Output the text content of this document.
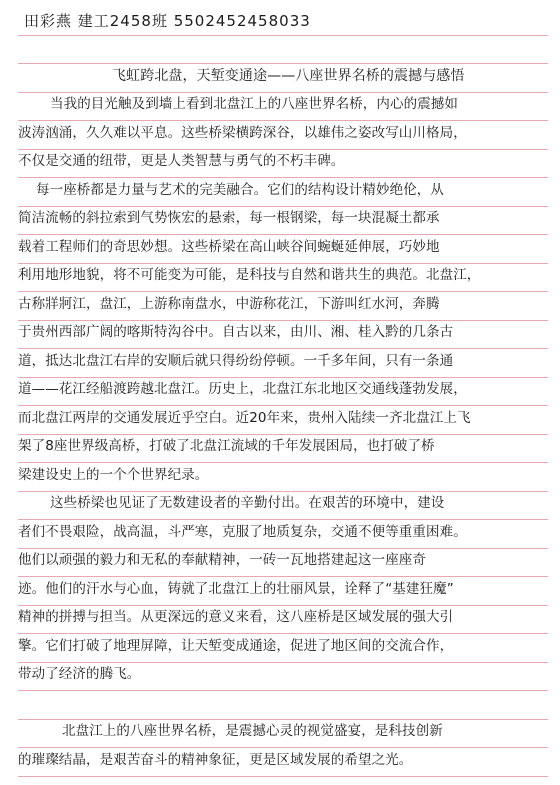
田彩燕 建工2458班 5502452458033
飞虹跨北盘，天堑变通途——八座世界名桥的震撼与感悟
当我的目光触及到墙上看到北盘江上的八座世界名桥，内心的震撼如
波涛汹涌，久久难以平息。这些桥梁横跨深谷，以雄伟之姿改写山川格局，
不仅是交通的纽带，更是人类智慧与勇气的不朽丰碑。
每一座桥都是力量与艺术的完美融合。它们的结构设计精妙绝伦，从
简洁流畅的斜拉索到气势恢宏的悬索，每一根钢梁，每一块混凝土都承
载着工程师们的奇思妙想。这些桥梁在高山峡谷间蜿蜒延伸展，巧妙地
利用地形地貌，将不可能变为可能，是科技与自然和谐共生的典范。北盘江，
古称牂牁江，盘江，上游称南盘水，中游称花江，下游叫红水河，奔腾
于贵州西部广阔的喀斯特沟谷中。自古以来，由川、湘、桂入黔的几条古
道，抵达北盘江右岸的安顺后就只得纷纷停顿。一千多年间，只有一条通
道——花江经船渡跨越北盘江。历史上，北盘江东北地区交通线蓬勃发展，
而北盘江两岸的交通发展近乎空白。近20年来，贵州入陆续一齐北盘江上飞
架了8座世界级高桥，打破了北盘江流域的千年发展困局，也打破了桥
梁建设史上的一个个世界纪录。
这些桥梁也见证了无数建设者的辛勤付出。在艰苦的环境中，建设
者们不畏艰险，战高温，斗严寒，克服了地质复杂，交通不便等重重困难。
他们以顽强的毅力和无私的奉献精神，一砖一瓦地搭建起这一座座奇
迹。他们的汗水与心血，铸就了北盘江上的壮丽风景，诠释了“基建狂魔”
精神的拼搏与担当。从更深远的意义来看，这八座桥是区域发展的强大引
擎。它们打破了地理屏障，让天堑变成通途，促进了地区间的交流合作，
带动了经济的腾飞。
北盘江上的八座世界名桥，是震撼心灵的视觉盛宴，是科技创新
的璀璨结晶，是艰苦奋斗的精神象征，更是区域发展的希望之光。
